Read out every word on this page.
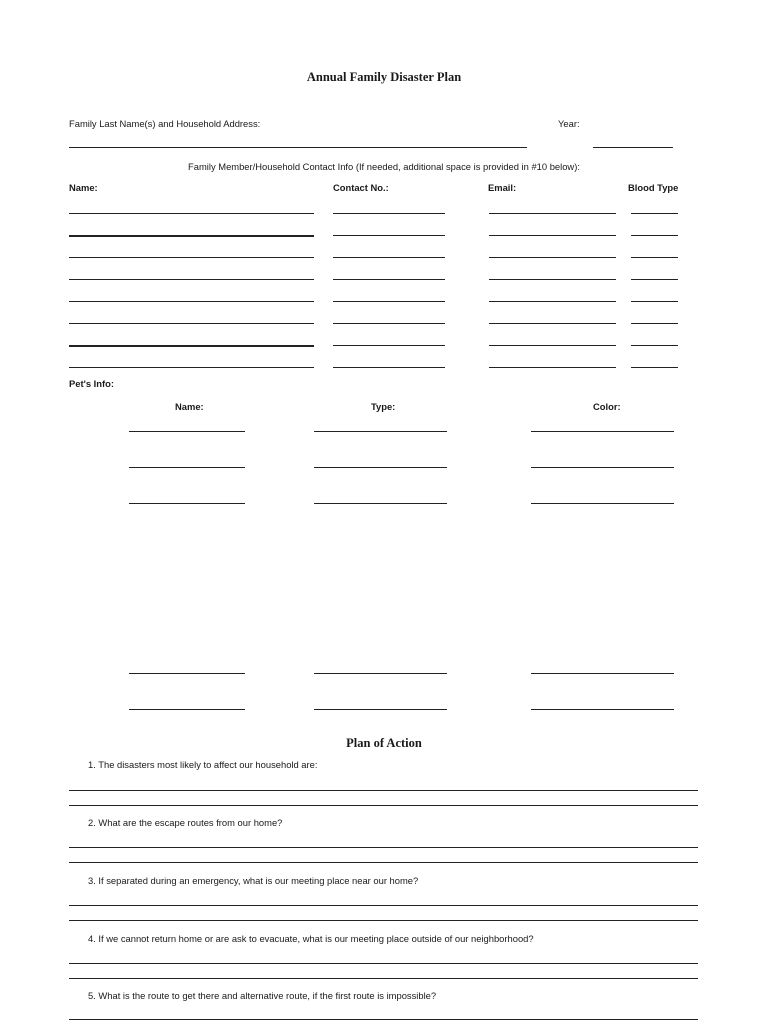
Annual Family Disaster Plan
Family Last Name(s) and Household Address:	Year:
Family Member/Household Contact Info (If needed, additional space is provided in #10 below):
Name:	Contact No.:	Email:	Blood Type
Pet's Info:
Name:	Type:	Color:
Plan of Action
1. The disasters most likely to affect our household are:
2. What are the escape routes from our home?
3. If separated during an emergency, what is our meeting place near our home?
4. If we cannot return home or are ask to evacuate, what is our meeting place outside of our neighborhood?
5. What is the route to get there and alternative route, if the first route is impossible?
